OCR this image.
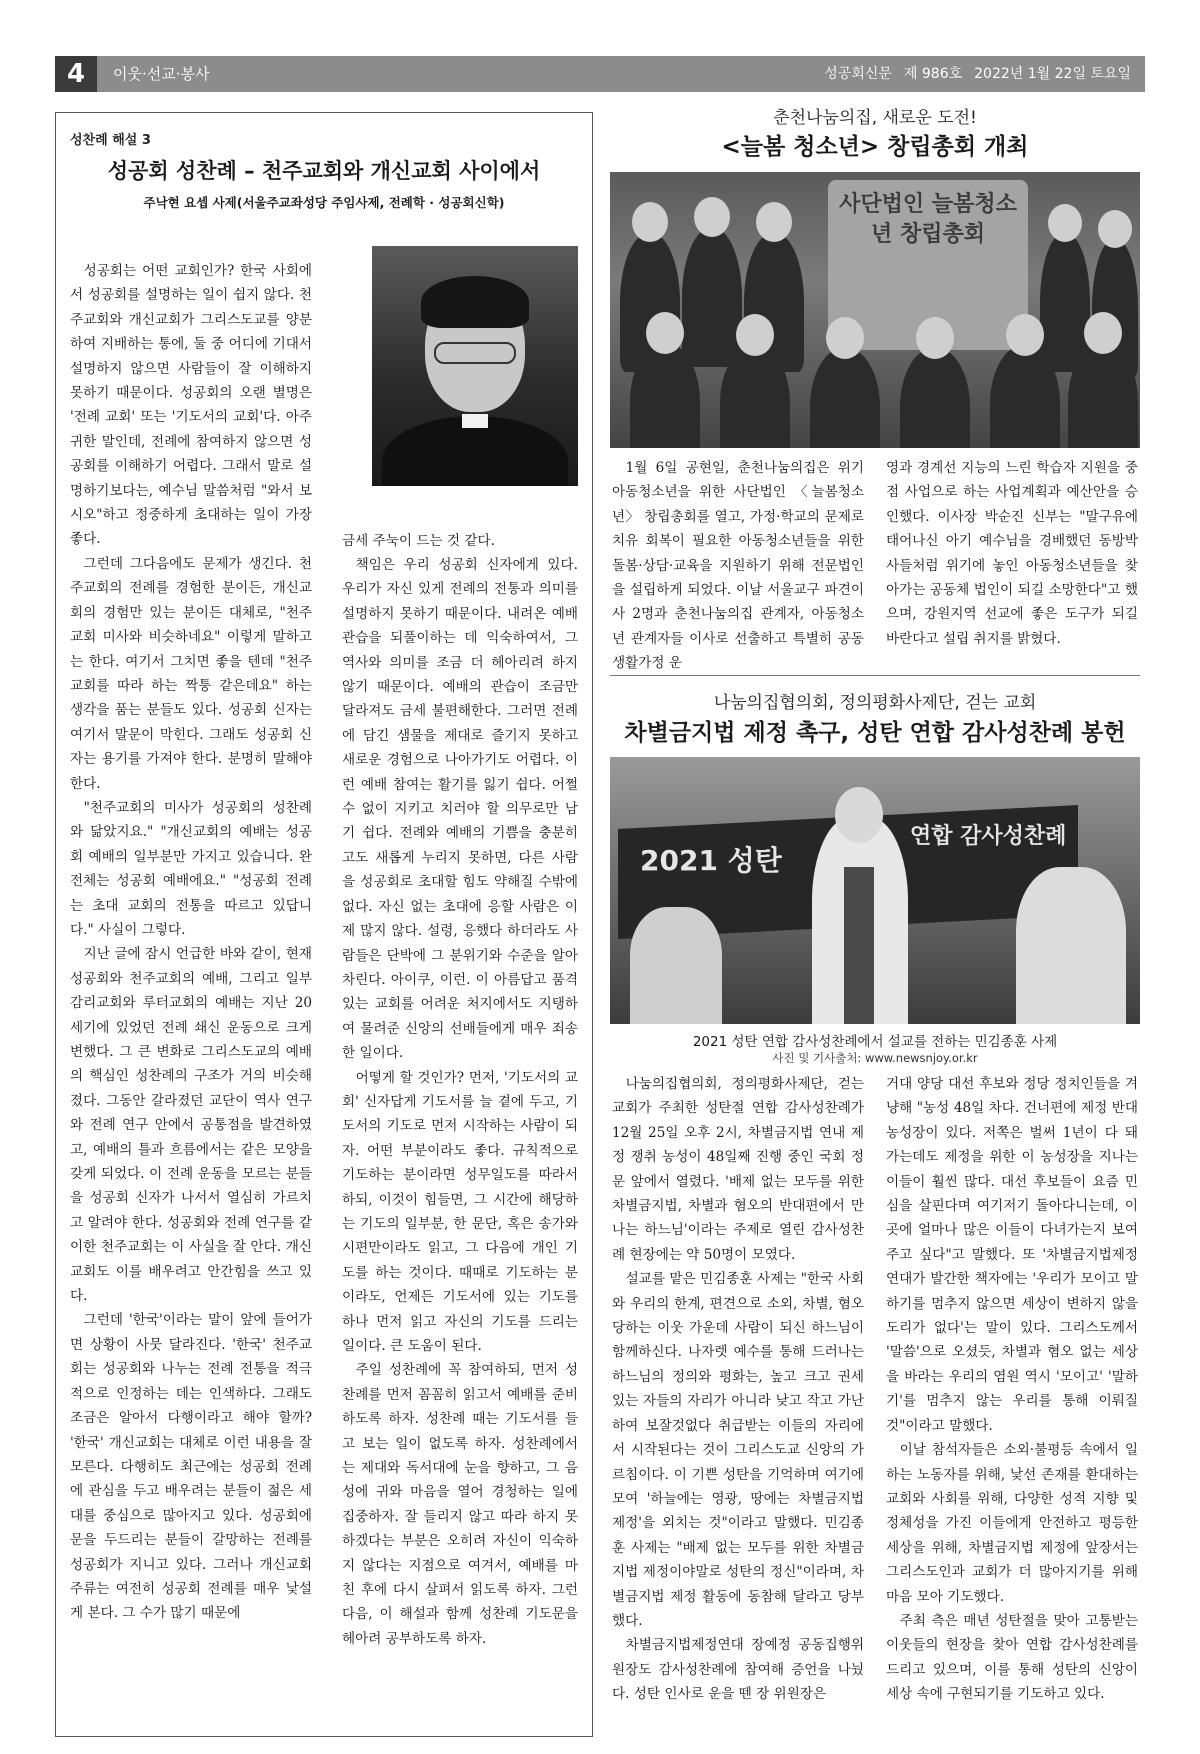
4	이웃·선교·봉사	성공회신문 제 986호 2022년 1월 22일 토요일
성찬례 해설 3
성공회 성찬례 – 천주교회와 개신교회 사이에서
주낙현 요셉 사제(서울주교좌성당 주임사제, 전례학 · 성공회신학)

성공회는 어떤 교회인가? 한국 사회에서 성공회를 설명하는 일이 쉽지 않다. 천주교회와 개신교회가 그리스도교를 양분하여 지배하는 통에, 둘 중 어디에 기대서 설명하지 않으면 사람들이 잘 이해하지 못하기 때문이다. 성공회의 오랜 별명은 '전례 교회' 또는 '기도서의 교회'다. 아주 귀한 말인데, 전례에 참여하지 않으면 성공회를 이해하기 어렵다. 그래서 말로 설명하기보다는, 예수님 말씀처럼 "와서 보시오"하고 정중하게 초대하는 일이 가장 좋다.

그런데 그다음에도 문제가 생긴다. 천주교회의 전례를 경험한 분이든, 개신교회의 경험만 있는 분이든 대체로, "천주교회 미사와 비슷하네요" 이렇게 말하고는 한다. 여기서 그치면 좋을 텐데 "천주교회를 따라 하는 짝퉁 같은데요" 하는 생각을 품는 분들도 있다. 성공회 신자는 여기서 말문이 막힌다. 그래도 성공회 신자는 용기를 가져야 한다. 분명히 말해야 한다.

"천주교회의 미사가 성공회의 성찬례와 닮았지요." "개신교회의 예배는 성공회 예배의 일부분만 가지고 있습니다. 완전체는 성공회 예배에요." "성공회 전례는 초대 교회의 전통을 따르고 있답니다." 사실이 그렇다.

지난 글에 잠시 언급한 바와 같이, 현재 성공회와 천주교회의 예배, 그리고 일부 감리교회와 루터교회의 예배는 지난 20세기에 있었던 전례 쇄신 운동으로 크게 변했다. 그 큰 변화로 그리스도교의 예배의 핵심인 성찬례의 구조가 거의 비슷해졌다. 그동안 갈라졌던 교단이 역사 연구와 전례 연구 안에서 공통점을 발견하였고, 예배의 틀과 흐름에서는 같은 모양을 갖게 되었다. 이 전례 운동을 모르는 분들을 성공회 신자가 나서서 열심히 가르치고 알려야 한다. 성공회와 전례 연구를 같이한 천주교회는 이 사실을 잘 안다. 개신교회도 이를 배우려고 안간힘을 쓰고 있다.

그런데 '한국'이라는 말이 앞에 들어가면 상황이 사뭇 달라진다. '한국' 천주교회는 성공회와 나누는 전례 전통을 적극적으로 인정하는 데는 인색하다. 그래도 조금은 알아서 다행이라고 해야 할까? '한국' 개신교회는 대체로 이런 내용을 잘 모른다. 다행히도 최근에는 성공회 전례에 관심을 두고 배우려는 분들이 젊은 세대를 중심으로 많아지고 있다. 성공회에 문을 두드리는 분들이 갈망하는 전례를 성공회가 지니고 있다. 그러나 개신교회 주류는 여전히 성공회 전례를 매우 낯설게 본다. 그 수가 많기 때문에

금세 주눅이 드는 것 같다.

책임은 우리 성공회 신자에게 있다. 우리가 자신 있게 전례의 전통과 의미를 설명하지 못하기 때문이다. 내려온 예배 관습을 되풀이하는 데 익숙하여서, 그 역사와 의미를 조금 더 헤아리려 하지 않기 때문이다. 예배의 관습이 조금만 달라져도 금세 불편해한다. 그러면 전례에 담긴 샘물을 제대로 즐기지 못하고 새로운 경험으로 나아가기도 어렵다. 이런 예배 참여는 활기를 잃기 쉽다. 어쩔 수 없이 지키고 치러야 할 의무로만 남기 쉽다. 전례와 예배의 기쁨을 충분히 고도 새롭게 누리지 못하면, 다른 사람을 성공회로 초대할 힘도 약해질 수밖에 없다. 자신 없는 초대에 응할 사람은 이제 많지 않다. 설령, 응했다 하더라도 사람들은 단박에 그 분위기와 수준을 알아차린다. 아이쿠, 이런. 이 아름답고 품격 있는 교회를 어려운 처지에서도 지탱하여 물려준 신앙의 선배들에게 매우 죄송한 일이다.

어떻게 할 것인가? 먼저, '기도서의 교회' 신자답게 기도서를 늘 곁에 두고, 기도서의 기도로 먼저 시작하는 사람이 되자. 어떤 부분이라도 좋다. 규칙적으로 기도하는 분이라면 성무일도를 따라서 하되, 이것이 힘들면, 그 시간에 해당하는 기도의 일부분, 한 문단, 혹은 송가와 시편만이라도 읽고, 그 다음에 개인 기도를 하는 것이다. 때때로 기도하는 분이라도, 언제든 기도서에 있는 기도를 하나 먼저 읽고 자신의 기도를 드리는 일이다. 큰 도움이 된다.

주일 성찬례에 꼭 참여하되, 먼저 성찬례를 먼저 꼼꼼히 읽고서 예배를 준비하도록 하자. 성찬례 때는 기도서를 들고 보는 일이 없도록 하자. 성찬례에서는 제대와 독서대에 눈을 향하고, 그 음성에 귀와 마음을 열어 경청하는 일에 집중하자. 잘 들리지 않고 따라 하지 못하겠다는 부분은 오히려 자신이 익숙하지 않다는 지점으로 여겨서, 예배를 마친 후에 다시 살펴서 읽도록 하자. 그런 다음, 이 해설과 함께 성찬례 기도문을 헤아려 공부하도록 하자.

춘천나눔의집, 새로운 도전!
<늘봄 청소년> 창립총회 개최
사단법인 늘봄청소년 창립총회

1월 6일 공현일, 춘천나눔의집은 위기 아동청소년을 위한 사단법인 〈늘봄청소년〉 창립총회를 열고, 가정·학교의 문제로 치유 회복이 필요한 아동청소년들을 위한 돌봄·상담·교육을 지원하기 위해 전문법인을 설립하게 되었다. 이날 서울교구 파견이사 2명과 춘천나눔의집 관계자, 아동청소년 관계자들 이사로 선출하고 특별히 공동생활가정 운

영과 경계선 지능의 느린 학습자 지원을 중점 사업으로 하는 사업계획과 예산안을 승인했다. 이사장 박순진 신부는 "말구유에 태어나신 아기 예수님을 경배했던 동방박사들처럼 위기에 놓인 아동청소년들을 찾아가는 공동체 법인이 되길 소망한다"고 했으며, 강원지역 선교에 좋은 도구가 되길 바란다고 설립 취지를 밝혔다.

나눔의집협의회, 정의평화사제단, 걷는 교회
차별금지법 제정 촉구, 성탄 연합 감사성찬례 봉헌
2021 성탄
연합 감사성찬례
2021 성탄 연합 감사성찬례에서 설교를 전하는 민김종훈 사제
사진 및 기사출처: www.newsnjoy.or.kr

나눔의집협의회, 정의평화사제단, 걷는 교회가 주최한 성탄절 연합 감사성찬례가 12월 25일 오후 2시, 차별금지법 연내 제정 쟁취 농성이 48일째 진행 중인 국회 정문 앞에서 열렸다. '배제 없는 모두를 위한 차별금지법, 차별과 혐오의 반대편에서 만나는 하느님'이라는 주제로 열린 감사성찬례 현장에는 약 50명이 모였다.

설교를 맡은 민김종훈 사제는 "한국 사회와 우리의 한계, 편견으로 소외, 차별, 혐오당하는 이웃 가운데 사람이 되신 하느님이 함께하신다. 나자렛 예수를 통해 드러나는 하느님의 정의와 평화는, 높고 크고 권세 있는 자들의 자리가 아니라 낮고 작고 가난하여 보잘것없다 취급받는 이들의 자리에서 시작된다는 것이 그리스도교 신앙의 가르침이다. 이 기쁜 성탄을 기억하며 여기에 모여 '하늘에는 영광, 땅에는 차별금지법 제정'을 외치는 것"이라고 말했다. 민김종훈 사제는 "배제 없는 모두를 위한 차별금지법 제정이야말로 성탄의 정신"이라며, 차별금지법 제정 활동에 동참해 달라고 당부했다.

차별금지법제정연대 장예정 공동집행위원장도 감사성찬례에 참여해 증언을 나눴다. 성탄 인사로 운을 뗀 장 위원장은

거대 양당 대선 후보와 정당 정치인들을 겨냥해 "농성 48일 차다. 건너편에 제정 반대 농성장이 있다. 저쪽은 벌써 1년이 다 돼 가는데도 제정을 위한 이 농성장을 지나는 이들이 훨씬 많다. 대선 후보들이 요즘 민심을 살핀다며 여기저기 돌아다니는데, 이곳에 얼마나 많은 이들이 다녀가는지 보여주고 싶다"고 말했다. 또 '차별금지법제정연대가 발간한 책자에는 '우리가 모이고 말하기를 멈추지 않으면 세상이 변하지 않을 도리가 없다'는 말이 있다. 그리스도께서 '말씀'으로 오셨듯, 차별과 혐오 없는 세상을 바라는 우리의 염원 역시 '모이고' '말하기'를 멈추지 않는 우리를 통해 이뤄질 것"이라고 말했다.

이날 참석자들은 소외·불평등 속에서 일하는 노동자를 위해, 낯선 존재를 환대하는 교회와 사회를 위해, 다양한 성적 지향 및 정체성을 가진 이들에게 안전하고 평등한 세상을 위해, 차별금지법 제정에 앞장서는 그리스도인과 교회가 더 많아지기를 위해 마음 모아 기도했다.

주최 측은 매년 성탄절을 맞아 고통받는 이웃들의 현장을 찾아 연합 감사성찬례를 드리고 있으며, 이를 통해 성탄의 신앙이 세상 속에 구현되기를 기도하고 있다.
